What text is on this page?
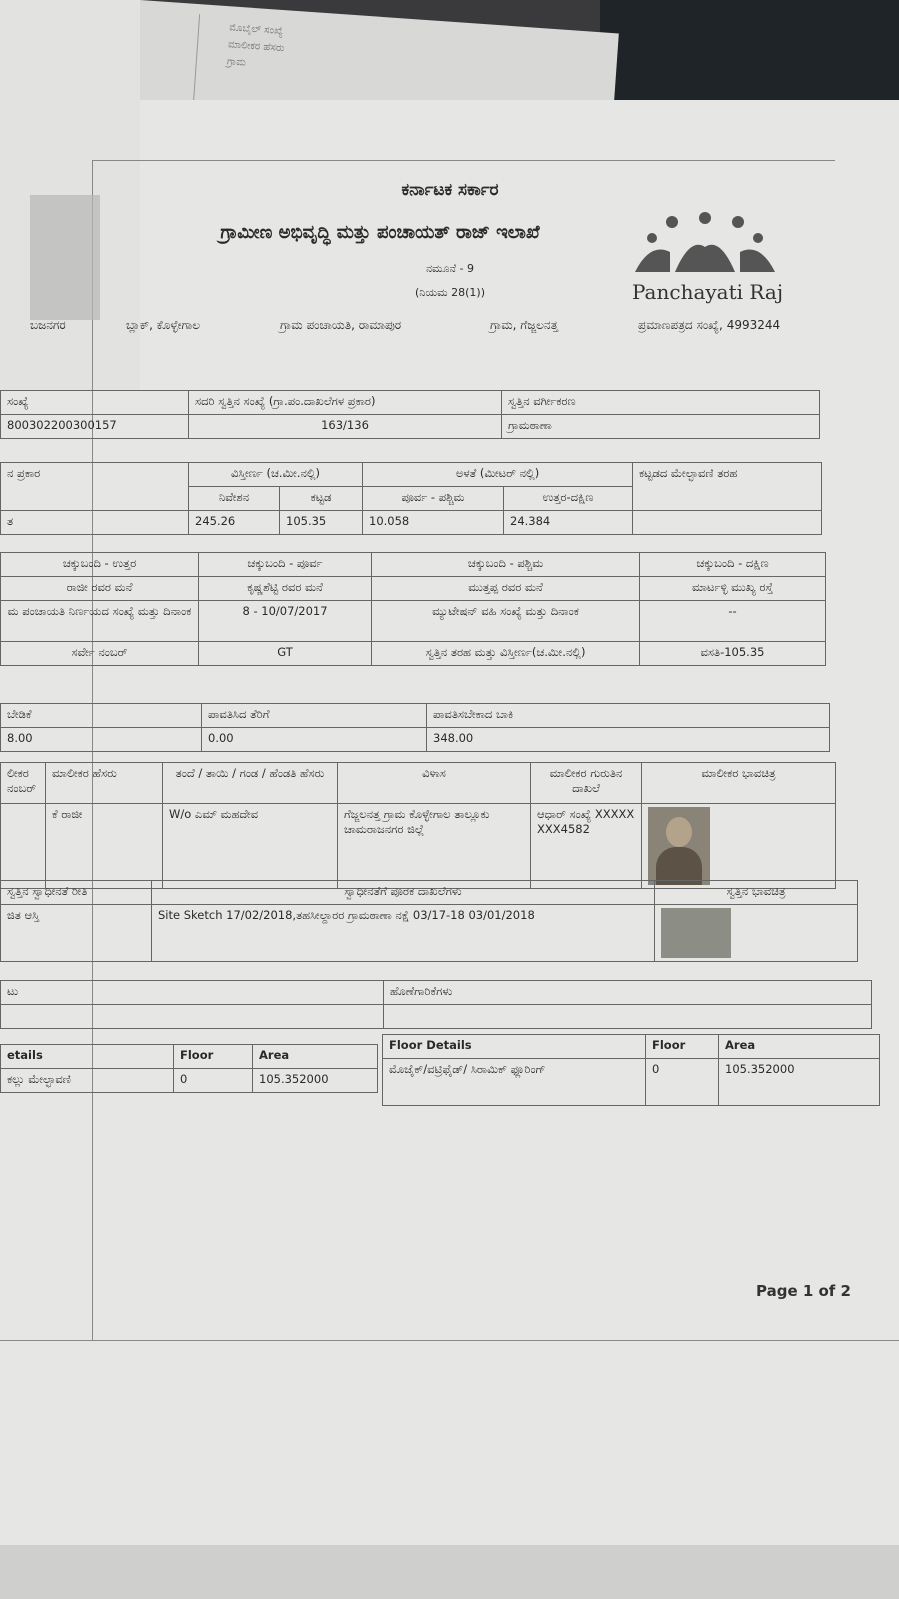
ಮೊಬೈಲ್ ಸಂಖ್ಯೆ
ಮಾಲೀಕರ ಹೆಸರು
ಗ್ರಾಮ
ಕರ್ನಾಟಕ ಸರ್ಕಾರ
ಗ್ರಾಮೀಣ ಅಭಿವೃದ್ಧಿ ಮತ್ತು ಪಂಚಾಯತ್ ರಾಜ್ ಇಲಾಖೆ
ನಮೂನೆ - 9
(ನಿಯಮ 28(1))	Panchayati Raj
ಬಜನಗರ	ಬ್ಲಾಕ್, ಕೊಳ್ಳೇಗಾಲ	ಗ್ರಾಮ ಪಂಚಾಯತಿ, ರಾಮಾಪುರ	ಗ್ರಾಮ, ಗೆಜ್ಜಲನತ್ತ	ಪ್ರಮಾಣಪತ್ರದ ಸಂಖ್ಯೆ, 4993244
ಸಂಖ್ಯೆ	ಸದರಿ ಸ್ವತ್ತಿನ ಸಂಖ್ಯೆ (ಗ್ರಾ.ಪಂ.ದಾಖಲೆಗಳ ಪ್ರಕಾರ)	ಸ್ವತ್ತಿನ ವರ್ಗೀಕರಣ
800302200300157	163/136	ಗ್ರಾಮಠಾಣಾ
ನ ಪ್ರಕಾರ	ವಿಸ್ತೀರ್ಣ (ಚ.ಮೀ.ನಲ್ಲಿ)		ಅಳತೆ (ಮೀಟರ್ ನಲ್ಲಿ)		ಕಟ್ಟಡದ ಮೇಲ್ಛಾವಣಿ ತರಹ
	ನಿವೇಶನ	ಕಟ್ಟಡ	ಪೂರ್ವ - ಪಶ್ಚಿಮ	ಉತ್ತರ-ದಕ್ಷಿಣ	
ತ	245.26	105.35	10.058	24.384	
ಚಕ್ಕುಬಂದಿ - ಉತ್ತರ	ಚಕ್ಕುಬಂದಿ - ಪೂರ್ವ	ಚಕ್ಕುಬಂದಿ - ಪಶ್ಚಿಮ	ಚಕ್ಕುಬಂದಿ - ದಕ್ಷಿಣ
ರಾಜೀ ರವರ ಮನೆ	ಕೃಷ್ಣಶೆಟ್ಟಿ ರವರ ಮನೆ	ಮುತ್ತಪ್ಪ ರವರ ಮನೆ	ಮಾರ್ಟಳ್ಳಿ ಮುಖ್ಯ ರಸ್ತೆ
ಮ ಪಂಚಾಯತಿ ನಿರ್ಣಯದ ಸಂಖ್ಯೆ ಮತ್ತು ದಿನಾಂಕ	8 - 10/07/2017	ಮ್ಯುಟೇಷನ್ ವಹಿ ಸಂಖ್ಯೆ ಮತ್ತು ದಿನಾಂಕ	--
ಸರ್ವೇ ನಂಬರ್	GT	ಸ್ವತ್ತಿನ ತರಹ ಮತ್ತು ವಿಸ್ತೀರ್ಣ(ಚ.ಮೀ.ನಲ್ಲಿ)	ವಸತಿ-105.35
ಬೇಡಿಕೆ	ಪಾವತಿಸಿದ ತೆರಿಗೆ	ಪಾವತಿಸಬೇಕಾದ ಬಾಕಿ
8.00	0.00	348.00
ಲೀಕರ ನಂಬರ್	ಮಾಲೀಕರ ಹೆಸರು	ತಂದೆ / ತಾಯಿ / ಗಂಡ / ಹೆಂಡತಿ ಹೆಸರು	ವಿಳಾಸ	ಮಾಲೀಕರ ಗುರುತಿನ ದಾಖಲೆ	ಮಾಲೀಕರ ಭಾವಚಿತ್ರ
	ಕೆ ರಾಜೀ	W/o ಎಮ್ ಮಹದೇವ	ಗೆಜ್ಜಲನತ್ತ ಗ್ರಾಮ ಕೊಳ್ಳೇಗಾಲ ತಾಲ್ಲೂಕು ಚಾಮರಾಜನಗರ ಜಿಲ್ಲೆ	ಆಧಾರ್ ಸಂಖ್ಯೆ XXXXXXXX4582	
ಸ್ವತ್ತಿನ ಸ್ವಾಧೀನತೆ ರೀತಿ	ಸ್ವಾಧೀನತೆಗೆ ಪೂರಕ ದಾಖಲೆಗಳು	ಸ್ವತ್ತಿನ ಭಾವಚಿತ್ರ
ಜಿತ ಆಸ್ತಿ	Site Sketch 17/02/2018,ತಹಸೀಲ್ದಾರರ ಗ್ರಾಮಠಾಣಾ ನಕ್ಷೆ 03/17-18 03/01/2018	
ಟು	ಹೊಣೆಗಾರಿಕೆಗಳು

etails	Floor	Area
ಕಲ್ಲು ಮೇಲ್ಛಾವಣಿ	0	105.352000
Floor Details	Floor	Area
ಮೊಜೈಕ್/ವಟ್ರಿಫೈಡ್/ ಸಿರಾಮಿಕ್ ಫ್ಲೂರಿಂಗ್	0	105.352000
Page 1 of 2
